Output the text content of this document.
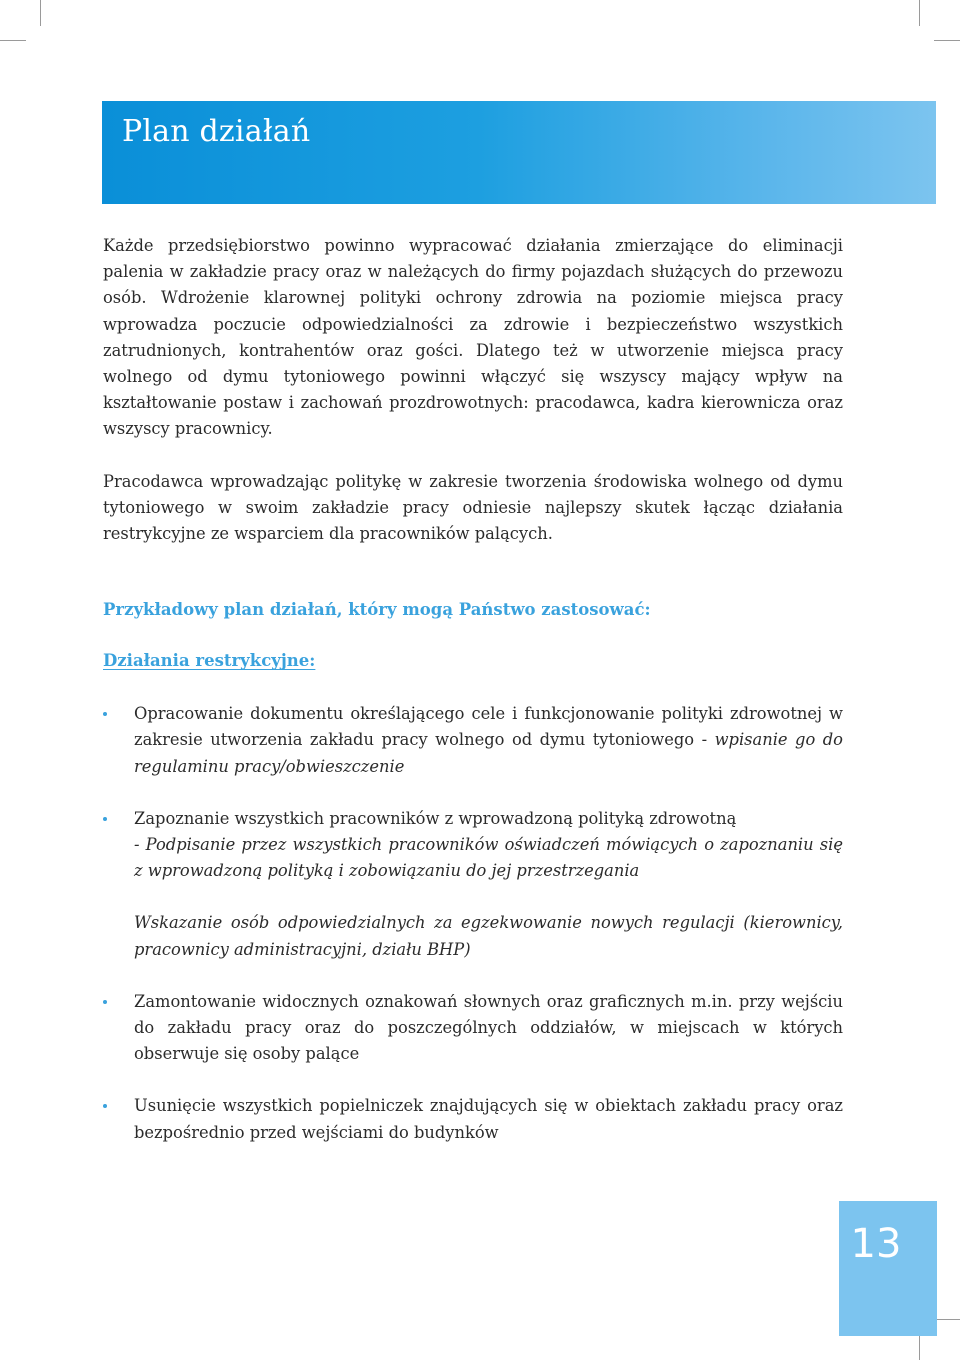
Plan działań

Każde przedsiębiorstwo powinno wypracować działania zmierzające do eliminacji palenia w zakładzie pracy oraz w należących do firmy pojazdach służących do przewozu osób. Wdrożenie klarownej polityki ochrony zdrowia na poziomie miejsca pracy wprowadza poczucie odpowiedzialności za zdrowie i bezpieczeństwo wszystkich zatrudnionych, kontrahentów oraz gości. Dlatego też w utworzenie miejsca pracy wolnego od dymu tytoniowego powinni włączyć się wszyscy mający wpływ na kształtowanie postaw i zachowań prozdrowotnych: pracodawca, kadra kierownicza oraz wszyscy pracownicy.

Pracodawca wprowadzając politykę w zakresie tworzenia środowiska wolnego od dymu tytoniowego w swoim zakładzie pracy odniesie najlepszy skutek łącząc działania restrykcyjne ze wsparciem dla pracowników palących.

Przykładowy plan działań, który mogą Państwo zastosować:
Działania restrykcyjne:
Opracowanie dokumentu określającego cele i funkcjonowanie polityki zdrowotnej w zakresie utworzenia zakładu pracy wolnego od dymu tytoniowego - wpisanie go do regulaminu pracy/obwieszczenie
Zapoznanie wszystkich pracowników z wprowadzoną polityką zdrowotną
- Podpisanie przez wszystkich pracowników oświadczeń mówiących o zapoznaniu się z wprowadzoną polityką i zobowiązaniu do jej przestrzegania
Wskazanie osób odpowiedzialnych za egzekwowanie nowych regulacji (kierownicy, pracownicy administracyjni, działu BHP)
Zamontowanie widocznych oznakowań słownych oraz graficznych m.in. przy wejściu do zakładu pracy oraz do poszczególnych oddziałów, w miejscach w których obserwuje się osoby palące
Usunięcie wszystkich popielniczek znajdujących się w obiektach zakładu pracy oraz bezpośrednio przed wejściami do budynków
13
